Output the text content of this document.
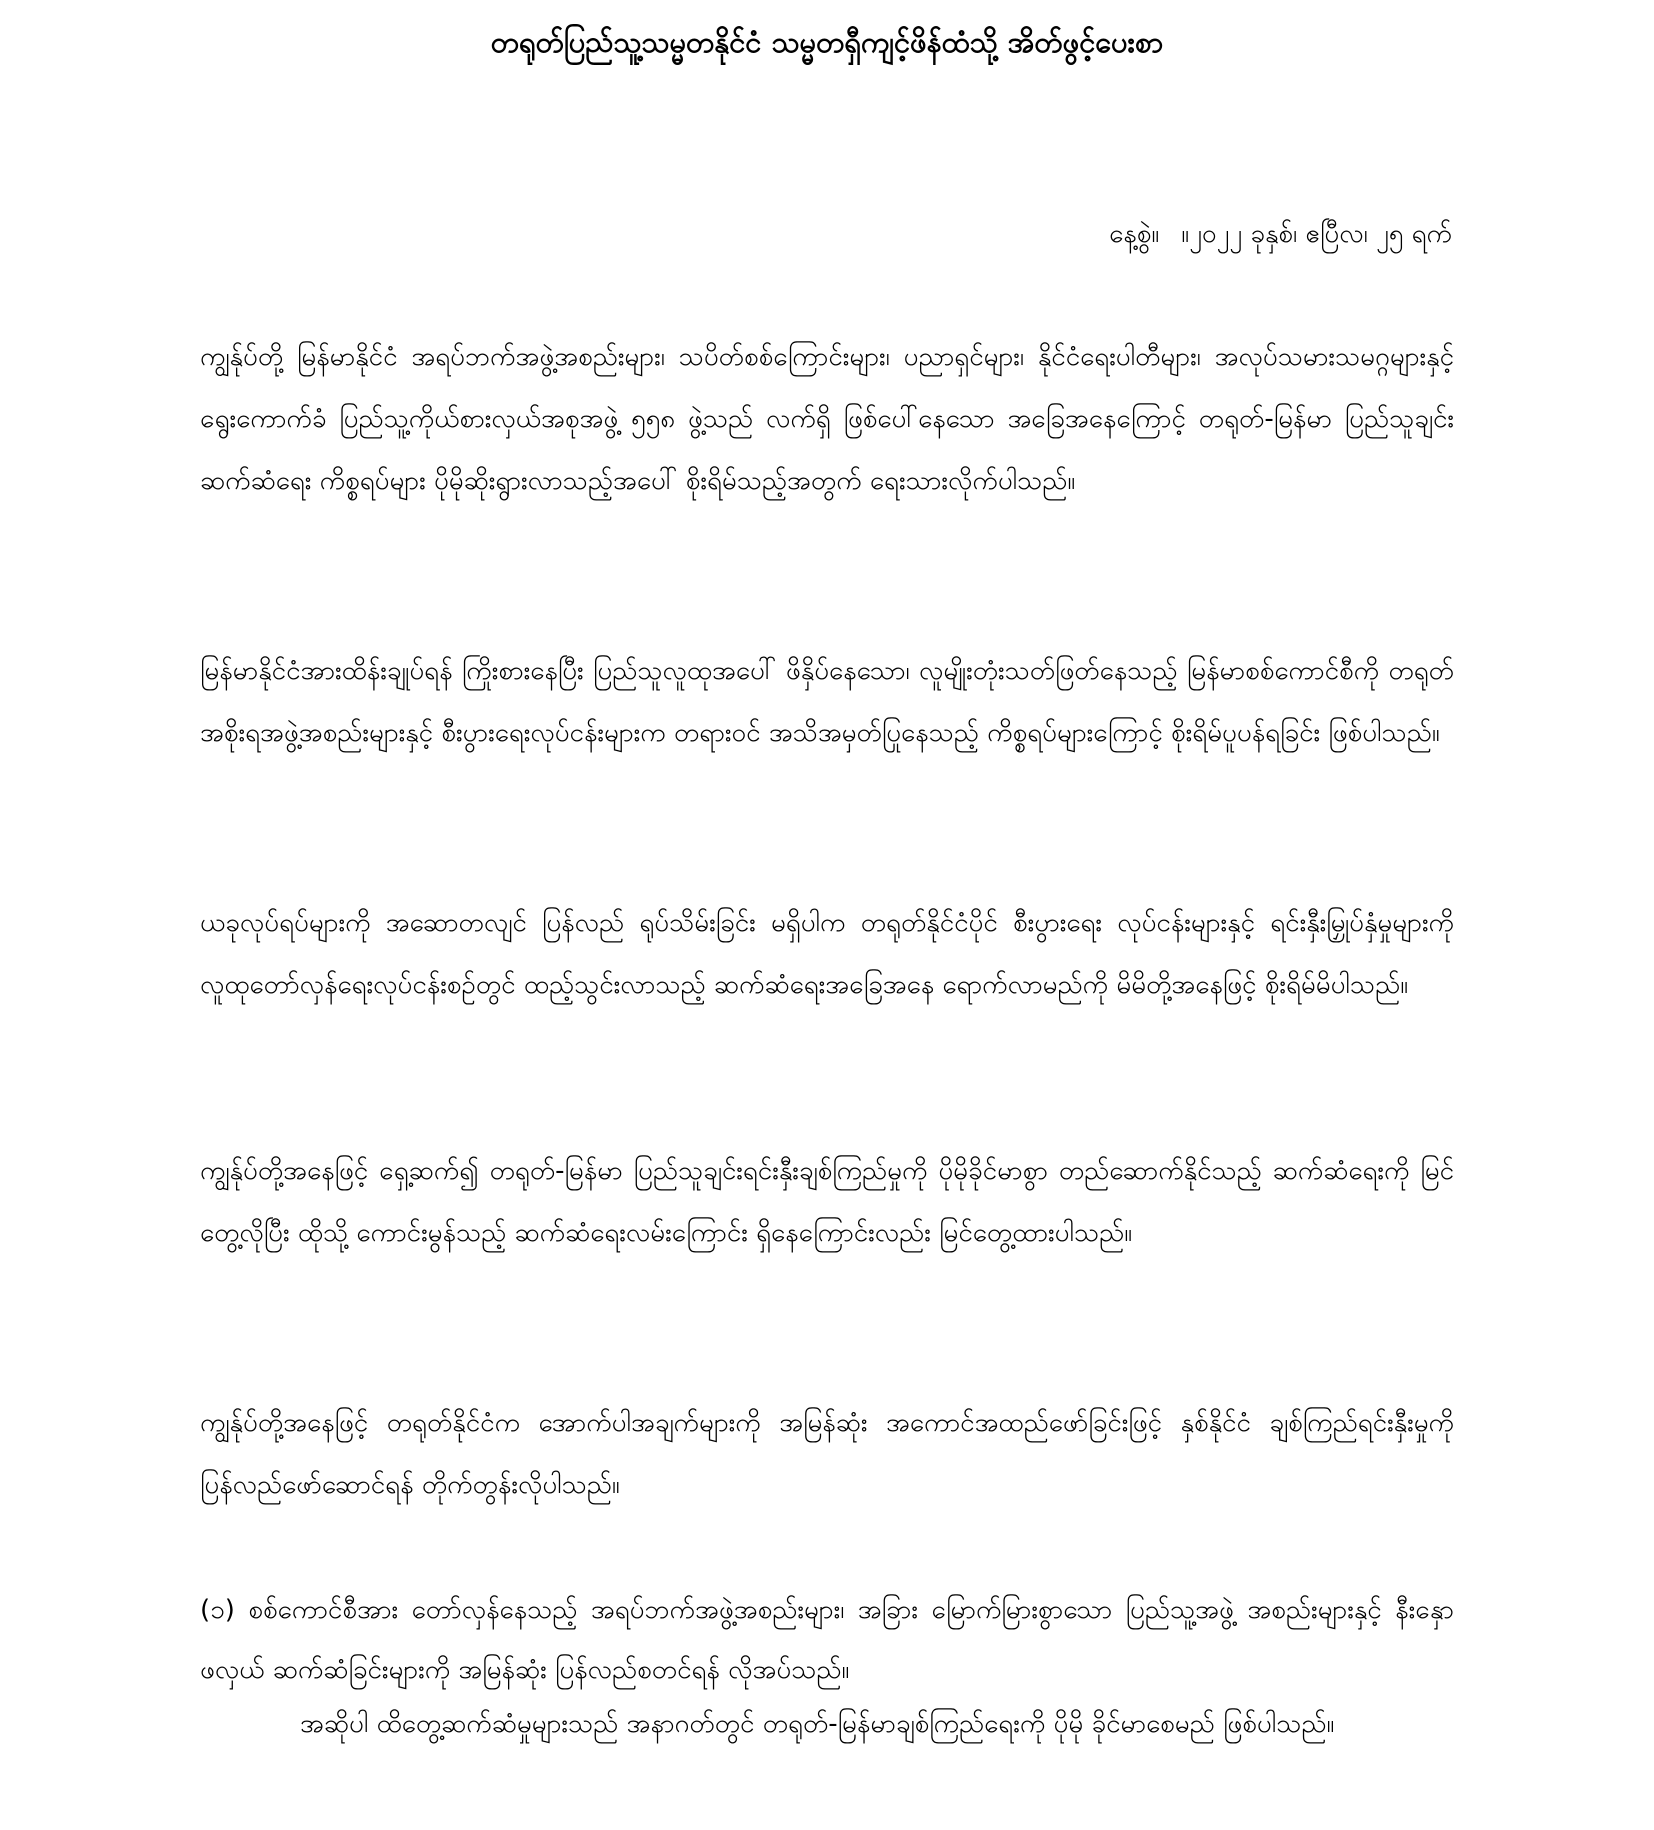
တရုတ်ပြည်သူ့သမ္မတနိုင်ငံ သမ္မတရှီကျင့်ဖိန်ထံသို့ အိတ်ဖွင့်ပေးစာ

နေ့စွဲ။ ။၂၀၂၂ ခုနှစ်၊ ဧပြီလ၊ ၂၅ ရက်

ကျွန်ုပ်တို့ မြန်မာနိုင်ငံ အရပ်ဘက်အဖွဲ့အစည်းများ၊ သပိတ်စစ်ကြောင်းများ၊ ပညာရှင်များ၊ နိုင်ငံရေးပါတီများ၊ အလုပ်သမားသမဂ္ဂများနှင့် ရွေးကောက်ခံ ပြည်သူ့ကိုယ်စားလှယ်အစုအဖွဲ့ ၅၅၈ ဖွဲ့သည် လက်ရှိ ဖြစ်ပေါ်နေသော အခြေအနေကြောင့် တရုတ်-မြန်မာ ပြည်သူချင်းဆက်ဆံရေး ကိစ္စရပ်များ ပိုမိုဆိုးရွားလာသည့်အပေါ် စိုးရိမ်သည့်အတွက် ရေးသားလိုက်ပါသည်။

မြန်မာနိုင်ငံအားထိန်းချုပ်ရန် ကြိုးစားနေပြီး ပြည်သူလူထုအပေါ် ဖိနှိပ်နေသော၊ လူမျိုးတုံးသတ်ဖြတ်နေသည့် မြန်မာစစ်ကောင်စီကို တရုတ်အစိုးရအဖွဲ့အစည်းများနှင့် စီးပွားရေးလုပ်ငန်းများက တရားဝင် အသိအမှတ်ပြုနေသည့် ကိစ္စရပ်များကြောင့် စိုးရိမ်ပူပန်ရခြင်း ဖြစ်ပါသည်။

ယခုလုပ်ရပ်များကို အဆောတလျင် ပြန်လည် ရုပ်သိမ်းခြင်း မရှိပါက တရုတ်နိုင်ငံပိုင် စီးပွားရေး လုပ်ငန်းများနှင့် ရင်းနှီးမြှုပ်နှံမှုများကို လူထုတော်လှန်ရေးလုပ်ငန်းစဉ်တွင် ထည့်သွင်းလာသည့် ဆက်ဆံရေးအခြေအနေ ရောက်လာမည်ကို မိမိတို့အနေဖြင့် စိုးရိမ်မိပါသည်။

ကျွန်ုပ်တို့အနေဖြင့် ရှေ့ဆက်၍ တရုတ်-မြန်မာ ပြည်သူချင်းရင်းနှီးချစ်ကြည်မှုကို ပိုမိုခိုင်မာစွာ တည်ဆောက်နိုင်သည့် ဆက်ဆံရေးကို မြင်တွေ့လိုပြီး ထိုသို့ ကောင်းမွန်သည့် ဆက်ဆံရေးလမ်းကြောင်း ရှိနေကြောင်းလည်း မြင်တွေ့ထားပါသည်။

ကျွန်ုပ်တို့အနေဖြင့် တရုတ်နိုင်ငံက အောက်ပါအချက်များကို အမြန်ဆုံး အကောင်အထည်ဖော်ခြင်းဖြင့် နှစ်နိုင်ငံ ချစ်ကြည်ရင်းနှီးမှုကို ပြန်လည်ဖော်ဆောင်ရန် တိုက်တွန်းလိုပါသည်။

(၁) စစ်ကောင်စီအား တော်လှန်နေသည့် အရပ်ဘက်အဖွဲ့အစည်းများ၊ အခြား မြောက်မြားစွာသော ပြည်သူ့အဖွဲ့ အစည်းများနှင့် နီးနှောဖလှယ် ဆက်ဆံခြင်းများကို အမြန်ဆုံး ပြန်လည်စတင်ရန် လိုအပ်သည်။

အဆိုပါ ထိတွေ့ဆက်ဆံမှုများသည် အနာဂတ်တွင် တရုတ်-မြန်မာချစ်ကြည်ရေးကို ပိုမို ခိုင်မာစေမည် ဖြစ်ပါသည်။
